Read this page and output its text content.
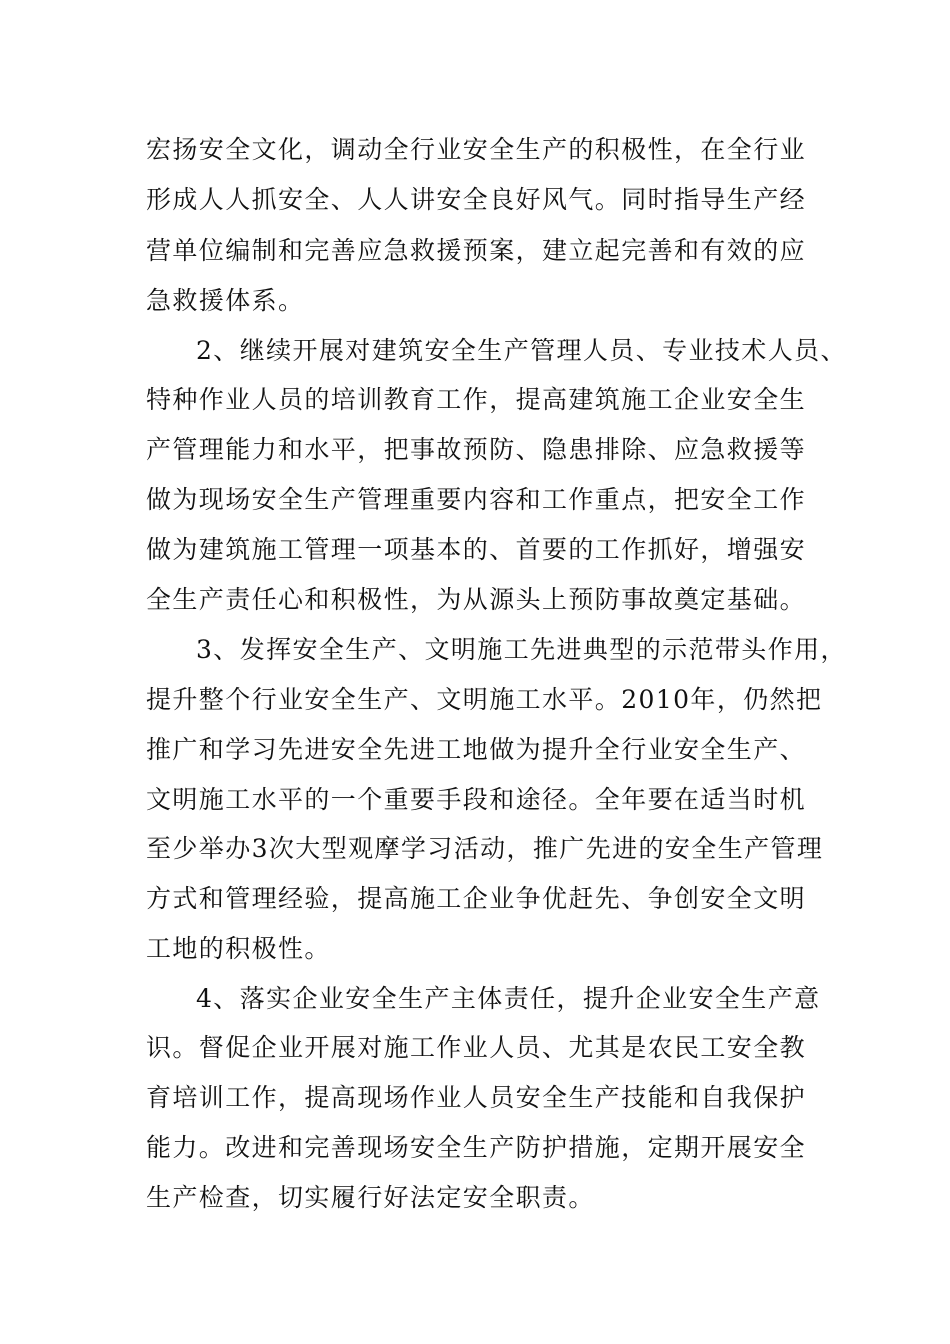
宏扬安全文化，调动全行业安全生产的积极性，在全行业

形成人人抓安全、人人讲安全良好风气。同时指导生产经

营单位编制和完善应急救援预案，建立起完善和有效的应

急救援体系。

2、继续开展对建筑安全生产管理人员、专业技术人员、

特种作业人员的培训教育工作，提高建筑施工企业安全生

产管理能力和水平，把事故预防、隐患排除、应急救援等

做为现场安全生产管理重要内容和工作重点，把安全工作

做为建筑施工管理一项基本的、首要的工作抓好，增强安

全生产责任心和积极性，为从源头上预防事故奠定基础。

3、发挥安全生产、文明施工先进典型的示范带头作用，

提升整个行业安全生产、文明施工水平。2010年，仍然把

推广和学习先进安全先进工地做为提升全行业安全生产、

文明施工水平的一个重要手段和途径。全年要在适当时机

至少举办3次大型观摩学习活动，推广先进的安全生产管理

方式和管理经验，提高施工企业争优赶先、争创安全文明

工地的积极性。

4、落实企业安全生产主体责任，提升企业安全生产意

识。督促企业开展对施工作业人员、尤其是农民工安全教

育培训工作，提高现场作业人员安全生产技能和自我保护

能力。改进和完善现场安全生产防护措施，定期开展安全

生产检查，切实履行好法定安全职责。
